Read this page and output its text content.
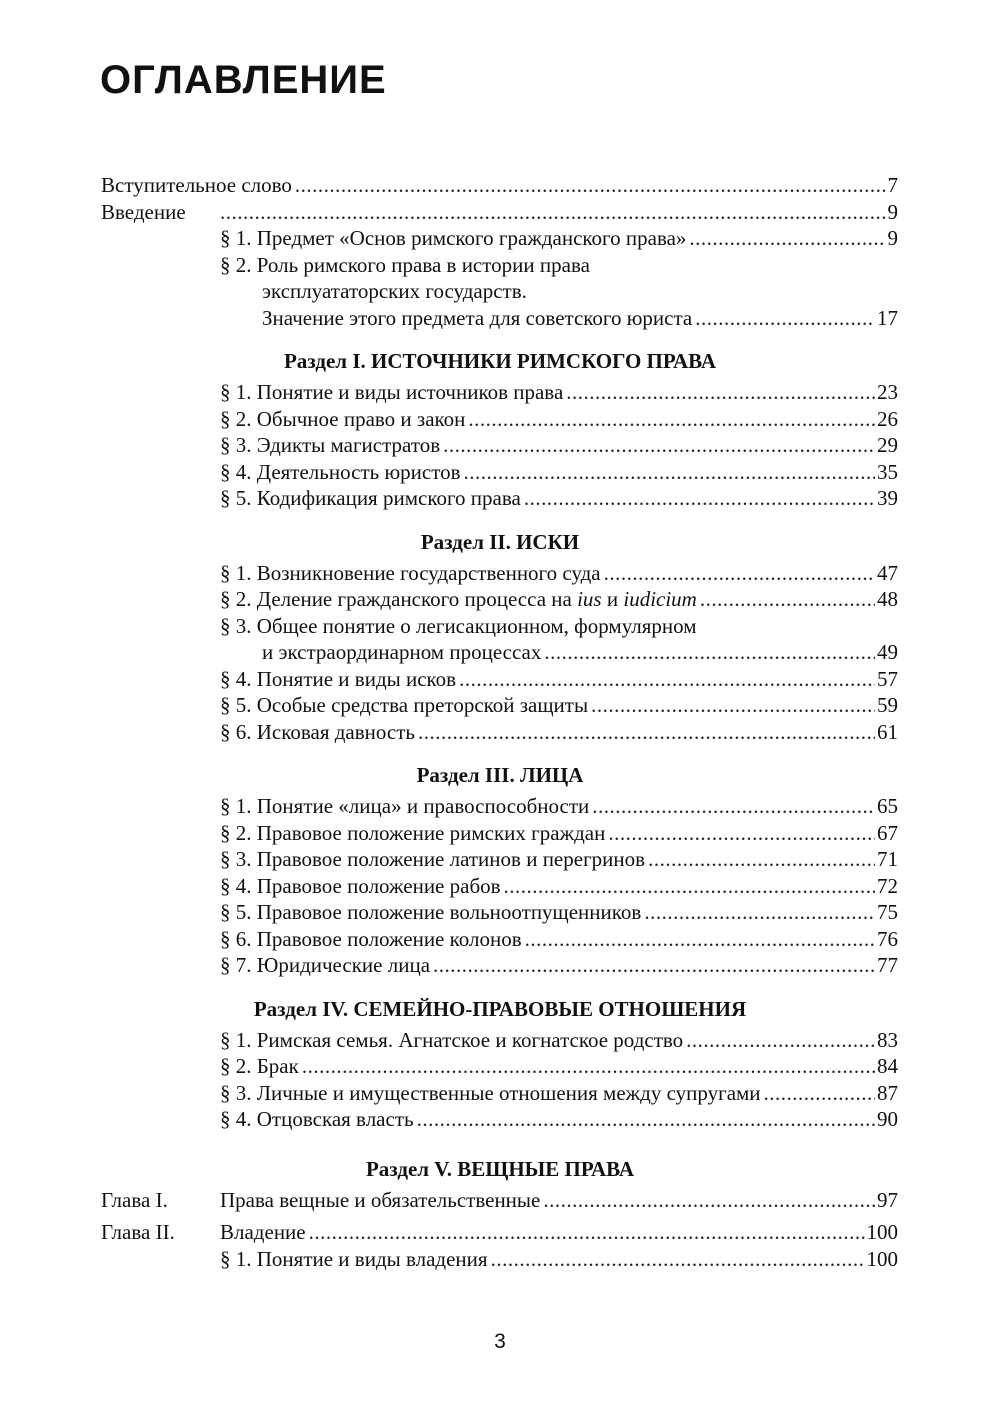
ОГЛАВЛЕНИЕ
Вступительное слово .....	7
Введение .....	9
§ 1. Предмет «Основ римского гражданского права» .....	9
§ 2. Роль римского права в истории права
эксплуататорских государств.
Значение этого предмета для советского юриста .....	17
Раздел I. ИСТОЧНИКИ РИМСКОГО ПРАВА
§ 1. Понятие и виды источников права .....	23
§ 2. Обычное право и закон .....	26
§ 3. Эдикты магистратов .....	29
§ 4. Деятельность юристов .....	35
§ 5. Кодификация римского права .....	39
Раздел II. ИСКИ
§ 1. Возникновение государственного суда .....	47
§ 2. Деление гражданского процесса на ius и iudicium .....	48
§ 3. Общее понятие о легисакционном, формулярном
и экстраординарном процессах .....	49
§ 4. Понятие и виды исков .....	57
§ 5. Особые средства преторской защиты .....	59
§ 6. Исковая давность .....	61
Раздел III. ЛИЦА
§ 1. Понятие «лица» и правоспособности .....	65
§ 2. Правовое положение римских граждан .....	67
§ 3. Правовое положение латинов и перегринов .....	71
§ 4. Правовое положение рабов .....	72
§ 5. Правовое положение вольноотпущенников .....	75
§ 6. Правовое положение колонов .....	76
§ 7. Юридические лица .....	77
Раздел IV. СЕМЕЙНО-ПРАВОВЫЕ ОТНОШЕНИЯ
§ 1. Римская семья. Агнатское и когнатское родство .....	83
§ 2. Брак .....	84
§ 3. Личные и имущественные отношения между супругами .....	87
§ 4. Отцовская власть .....	90
Раздел V. ВЕЩНЫЕ ПРАВА
Глава I. Права вещные и обязательственные .....	97
Глава II. Владение .....	100
§ 1. Понятие и виды владения .....	100
3
